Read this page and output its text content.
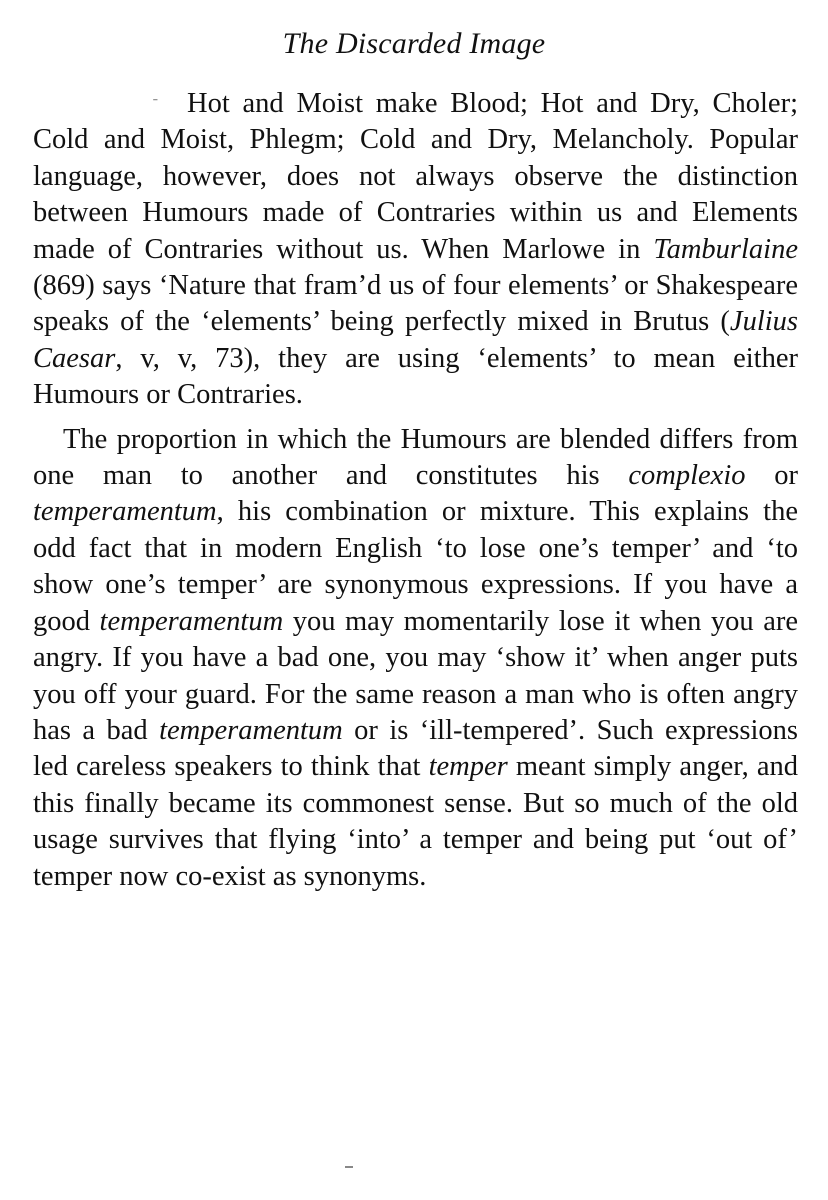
The Discarded Image
ˉ	Hot and Moist make Blood; Hot and Dry, Choler; Cold and Moist, Phlegm; Cold and Dry, Melancholy. Popular language, however, does not always observe the distinction between Humours made of Contraries within us and Elements made of Contraries without us. When Marlowe in Tamburlaine (869) says ‘Nature that fram’d us of four elements’ or Shakespeare speaks of the ‘elements’ being perfectly mixed in Brutus (Julius Caesar, v, v, 73), they are using ‘elements’ to mean either Humours or Contraries.

The proportion in which the Humours are blended differs from one man to another and constitutes his complexio or temperamentum, his combination or mixture. This explains the odd fact that in modern English ‘to lose one’s temper’ and ‘to show one’s temper’ are synonymous expressions. If you have a good temperamentum you may momentarily lose it when you are angry. If you have a bad one, you may ‘show it’ when anger puts you off your guard. For the same reason a man who is often angry has a bad temperamentum or is ‘ill-tempered’. Such expressions led careless speakers to think that temper meant simply anger, and this finally became its commonest sense. But so much of the old usage survives that flying ‘into’ a temper and being put ‘out of’ temper now co-exist as synonyms.
